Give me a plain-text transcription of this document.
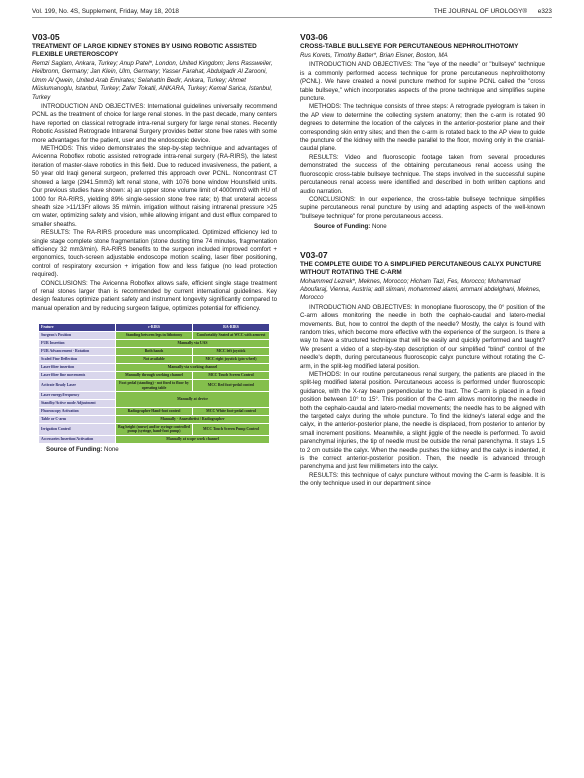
Vol. 199, No. 4S, Supplement, Friday, May 18, 2018	THE JOURNAL OF UROLOGY®      e323
V03-05
TREATMENT OF LARGE KIDNEY STONES BY USING ROBOTIC ASSISTED FLEXIBLE URETEROSCOPY
Remzi Saglam, Ankara, Turkey; Anup Patel*, London, United Kingdom; Jens Rassweiler, Heilbronn, Germany; Jan Klein, Ulm, Germany; Yasser Farahat, Abdulgadir Al Zarooni, Umm Al Qwein, United Arab Emirates; Selahattin Bedir, Ankara, Turkey; Ahmet Müslumanoglu, Istanbul, Turkey; Zafer Tokatli, ANKARA, Turkey; Kemal Sarica, Istanbul, Turkey

INTRODUCTION AND OBJECTIVES: International guidelines universally recommend PCNL as the treatment of choice for large renal stones. In the past decade, many centers have reported on classical retrograde intra-renal surgery for large renal stones. Recently Robotic Assisted Retrograde Intrarenal Surgery provides better stone free rates with some more advantages for the patient, user and the endoscopic device.

METHODS: This video demonstrates the step-by-step technique and advantages of Avicenna Roboflex robotic assisted retrograde intra-renal surgery (RA-RIRS), the latest iteration of master-slave robotics in this field. Due to reduced invasiveness, the patient, a 50 year old Iraqi general surgeon, preferred this approach over PCNL. Noncontrast CT showed a large (2941.5mm3) left renal stone, with 1076 bone window Hounsfield units. Our previous studies have shown: a) an upper stone volume limit of 4000mm3 with HU of 1000 for RA-RIRS, yielding 89% single-session stone free rate; b) that ureteral access sheath size >11/13Fr allows 35 ml/min. irrigation without raising intrarenal pressure >25 cm water, optimizing safety and vision, while allowing irrigant and dust efflux compared to smaller sheaths.

RESULTS: The RA-RIRS procedure was uncomplicated. Optimized efficiency led to single stage complete stone fragmentation (stone dusting time 74 minutes, fragmentation efficiency 32 mm3/min). RA-RIRS benefits to the surgeon included improved comfort + ergonomics, touch-screen adjustable endoscope motion scaling, laser fiber positioning, control of respiratory excursion + irrigation flow and less fatigue (no lead protection required).

CONCLUSIONS: The Avicenna Roboflex allows safe, efficient single stage treatment of renal stones larger than is recommended by current international guidelines. Key design features optimize patient safety and instrument longevity significantly compared to manual operation and by reducing surgeon fatigue, optimizes potential for efficiency.

Feature	c-RIRS	RA-RIRS
Surgeon's Position	Standing between legs in lithotomy	Comfortably Seated at WCC with armrest
FUR Insertion	Manually via UAS	
FUR Advancement - Rotation	Both hands	MCC left joystick
Scaled Fine Deflection	Not available	MCC right joystick (pin-wheel)
Laser fiber insertion	Manually via working channel	
Laser fiber fine movements	Manually through working channel	MCC Touch Screen Control
Activate Ready Laser	Foot pedal (standing) - not fixed to floor by operating table	MCC Red foot-pedal control
Laser energy/frequency	Manually at device	
Standby/Active mode Adjustment		
Fluoroscopy Activation	Radiographer Hand-foot control	MCC White foot-pedal control
Table or C-arm	Manually - Anaesthetist / Radiographer	
Irrigation Control	Bag height (nurse) and/or syringe controlled pump (syringe, hand-foot pump)	MCC Touch Screen Pump Control
Accessories Insertion/Activation	Manually at scope work channel	
Source of Funding: None
V03-06
CROSS-TABLE BULLSEYE FOR PERCUTANEOUS NEPHROLITHOTOMY
Rus Korets, Timothy Batter*, Brian Eisner, Boston, MA

INTRODUCTION AND OBJECTIVES: The "eye of the needle" or "bullseye" technique is a commonly performed access technique for prone percutaneous nephrolithotomy (PCNL). We have created a novel puncture method for supine PCNL called the "cross table bullseye," which incorporates aspects of the prone technique and simplifies supine puncture.

METHODS: The technique consists of three steps: A retrograde pyelogram is taken in the AP view to determine the collecting system anatomy; then the c-arm is rotated 90 degrees to determine the location of the calyces in the anterior-posterior plane and their corresponding skin entry sites; and then the c-arm is rotated back to the AP view to guide the puncture of the kidney with the needle parallel to the floor, moving only in the cranial-caudal plane.

RESULTS: Video and fluoroscopic footage taken from several procedures demonstrated the success of the obtaining percutaneous renal access using the fluoroscopic cross-table bullseye technique. The steps involved in the successful supine percutaneous renal access were identified and described in both written captions and audio narration.

CONCLUSIONS: In our experience, the cross-table bullseye technique simplifies supine percutaneous renal puncture by using and adapting aspects of the well-known "bullseye technique" for prone percutaneous access.

Source of Funding: None
V03-07
THE COMPLETE GUIDE TO A SIMPLIFIED PERCUTANEOUS CALYX PUNCTURE WITHOUT ROTATING THE C-ARM
Mohammed Lezrek*, Meknes, Morocco; Hicham Tazi, Fes, Morocco; Mohammad Aboufaraj, Vienna, Austria; adil slimani, mohammed alami, ammani abdelghani, Meknes, Morocco

INTRODUCTION AND OBJECTIVES: In monoplane fluoroscopy, the 0° position of the C-arm allows monitoring the needle in both the cephalo-caudal and latero-medial movements. But, how to control the depth of the needle? Mostly, the calyx is found with random tries, which become more effective with the experience of the surgeon. Is there a way to have a structured technique that will be easily and quickly performed and taught?We present a video of a step-by-step description of our simplified "blind" control of the needle's depth, during percutaneous fluoroscopic calyx puncture without rotating the C-arm, in the split-leg modified lateral position.

METHODS: In our routine percutaneous renal surgery, the patients are placed in the split-leg modified lateral position. Percutaneous access is performed under fluoroscopic guidance, with the X-ray beam perpendicular to the tract. The C-arm is placed in a fixed position between 10° to 15°. This position of the C-arm allows monitoring the needle in both the cephalo-caudal and latero-medial movements; the needle has to be aligned with the targeted calyx during the whole puncture. To find the kidney's lateral edge and the calyx, in the anterior-posterior plane, the needle is displaced, from posterior to anterior by small increment positions. Meanwhile, a slight jiggle of the needle is performed. To avoid parenchymal injuries, the tip of needle must be outside the renal parenchyma. It stays 1.5 to 2 cm outside the calyx. When the needle pushes the kidney and the calyx is indented, it is the correct anterior-posterior position. Then, the needle is advanced through parenchyma and just few millimeters into the calyx.

RESULTS: this technique of calyx puncture without moving the C-arm is feasible. It is the only technique used in our department since
